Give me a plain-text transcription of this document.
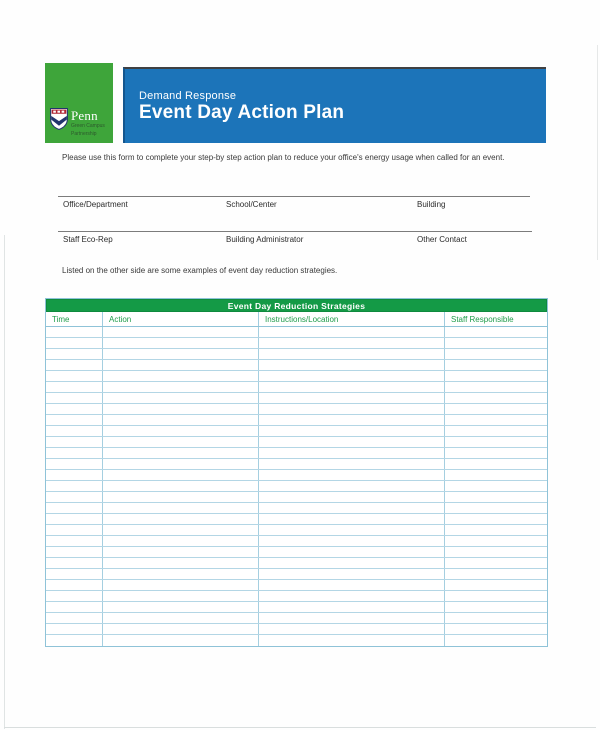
Penn
Green Campus
Partnership
Demand Response
Event Day Action Plan
Please use this form to complete your step-by step action plan to reduce your office's energy usage when called for an event.
Office/Department	School/Center	Building
Staff Eco-Rep	Building Administrator	Other Contact
Listed on the other side are some examples of event day reduction strategies.
Event Day Reduction Strategies
Time	Action	Instructions/Location	Staff Responsible
